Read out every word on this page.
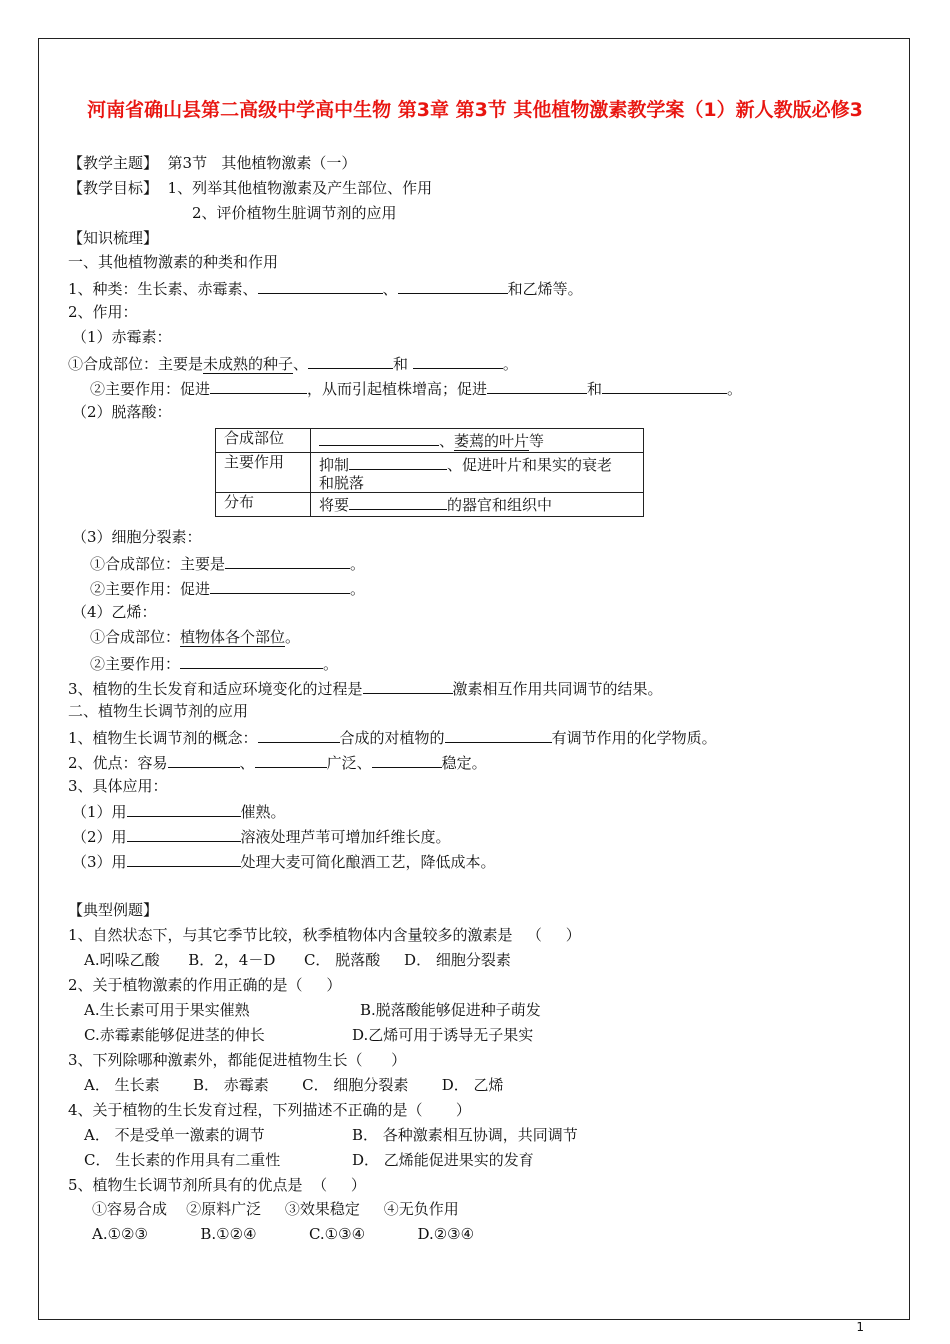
河南省确山县第二高级中学高中生物 第3章 第3节 其他植物激素教学案（1）新人教版必修3
【教学主题】  第3节   其他植物激素（一）
【教学目标】  1、列举其他植物激素及产生部位、作用
2、评价植物生脏调节剂的应用
【知识梳理】
一、其他植物激素的种类和作用
1、种类：生长素、赤霉素、	、	和乙烯等。
2、作用：
（1）赤霉素：
①合成部位：主要是未成熟的种子、	和	。
②主要作用：促进	，从而引起植株增高；促进	和	。
（2）脱落酸：
合成部位	、萎蔫的叶片等
主要作用	抑制 、促进叶片和果实的衰老
和脱落
分布	将要 的器官和组织中
（3）细胞分裂素：
①合成部位：主要是	。
②主要作用：促进	。
（4）乙烯：
①合成部位：植物体各个部位。
②主要作用：	。
3、植物的生长发育和适应环境变化的过程是	激素相互作用共同调节的结果。
二、植物生长调节剂的应用
1、植物生长调节剂的概念：	合成的对植物的	有调节作用的化学物质。
2、优点：容易	、	广泛、	稳定。
3、具体应用：
（1）用	催熟。
（2）用	溶液处理芦苇可增加纤维长度。
（3）用	处理大麦可简化酿酒工艺，降低成本。
【典型例题】
1、自然状态下，与其它季节比较，秋季植物体内含量较多的激素是   （     ）
A.吲哚乙酸      B．2，4－D      C． 脱落酸     D． 细胞分裂素
2、关于植物激素的作用正确的是（     ）
A.生长素可用于果实催熟	B.脱落酸能够促进种子萌发
C.赤霉素能够促进茎的伸长	D.乙烯可用于诱导无子果实
3、下列除哪种激素外，都能促进植物生长（      ）
A． 生长素       B． 赤霉素       C． 细胞分裂素       D． 乙烯
4、关于植物的生长发育过程，下列描述不正确的是（       ）
A． 不是受单一激素的调节	B． 各种激素相互协调，共同调节
C． 生长素的作用具有二重性	D． 乙烯能促进果实的发育
5、植物生长调节剂所具有的优点是  （     ）
①容易合成    ②原料广泛     ③效果稳定     ④无负作用
A.①②③           B.①②④           C.①③④           D.②③④
1
